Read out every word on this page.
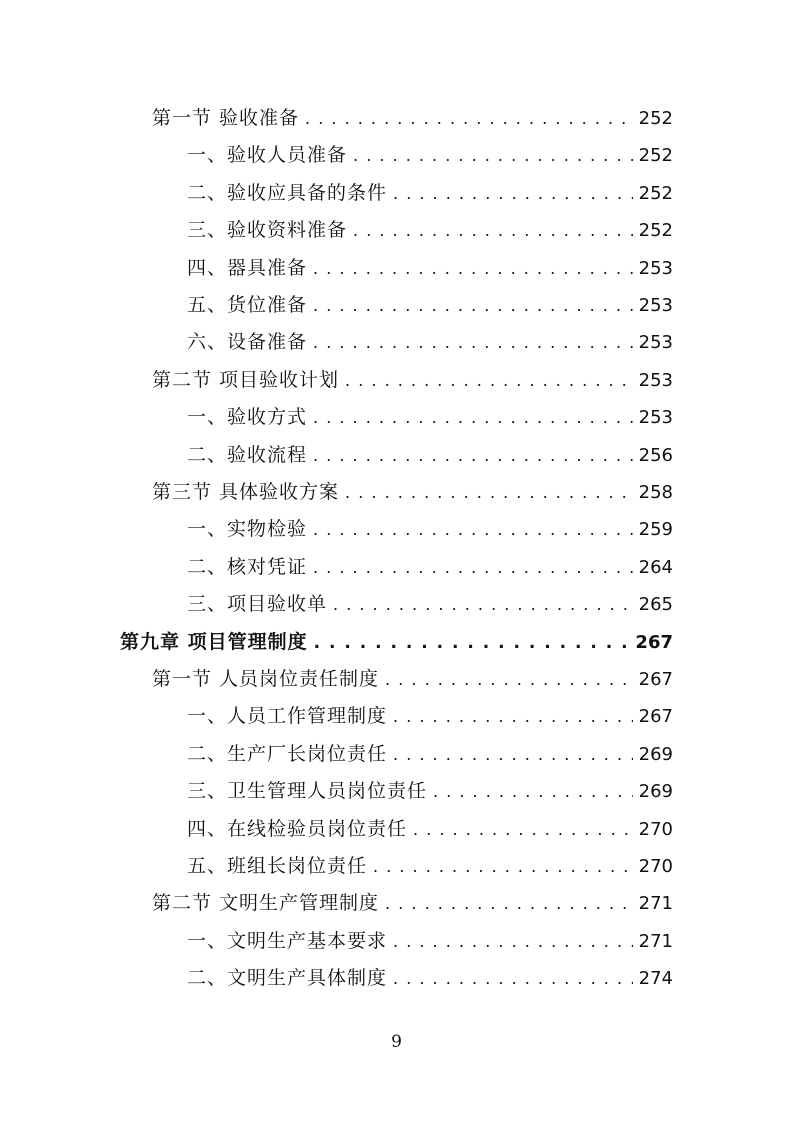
第一节 验收准备 . . .	252
一、验收人员准备 . . .	252
二、验收应具备的条件 . . .	252
三、验收资料准备 . . .	252
四、器具准备 . . .	253
五、货位准备 . . .	253
六、设备准备 . . .	253
第二节 项目验收计划 . . .	253
一、验收方式 . . .	253
二、验收流程 . . .	256
第三节 具体验收方案 . . .	258
一、实物检验 . . .	259
二、核对凭证 . . .	264
三、项目验收单 . . .	265
第九章 项目管理制度 . . .	267
第一节 人员岗位责任制度 . . .	267
一、人员工作管理制度 . . .	267
二、生产厂长岗位责任 . . .	269
三、卫生管理人员岗位责任 . . .	269
四、在线检验员岗位责任 . . .	270
五、班组长岗位责任 . . .	270
第二节 文明生产管理制度 . . .	271
一、文明生产基本要求 . . .	271
二、文明生产具体制度 . . .	274
9
